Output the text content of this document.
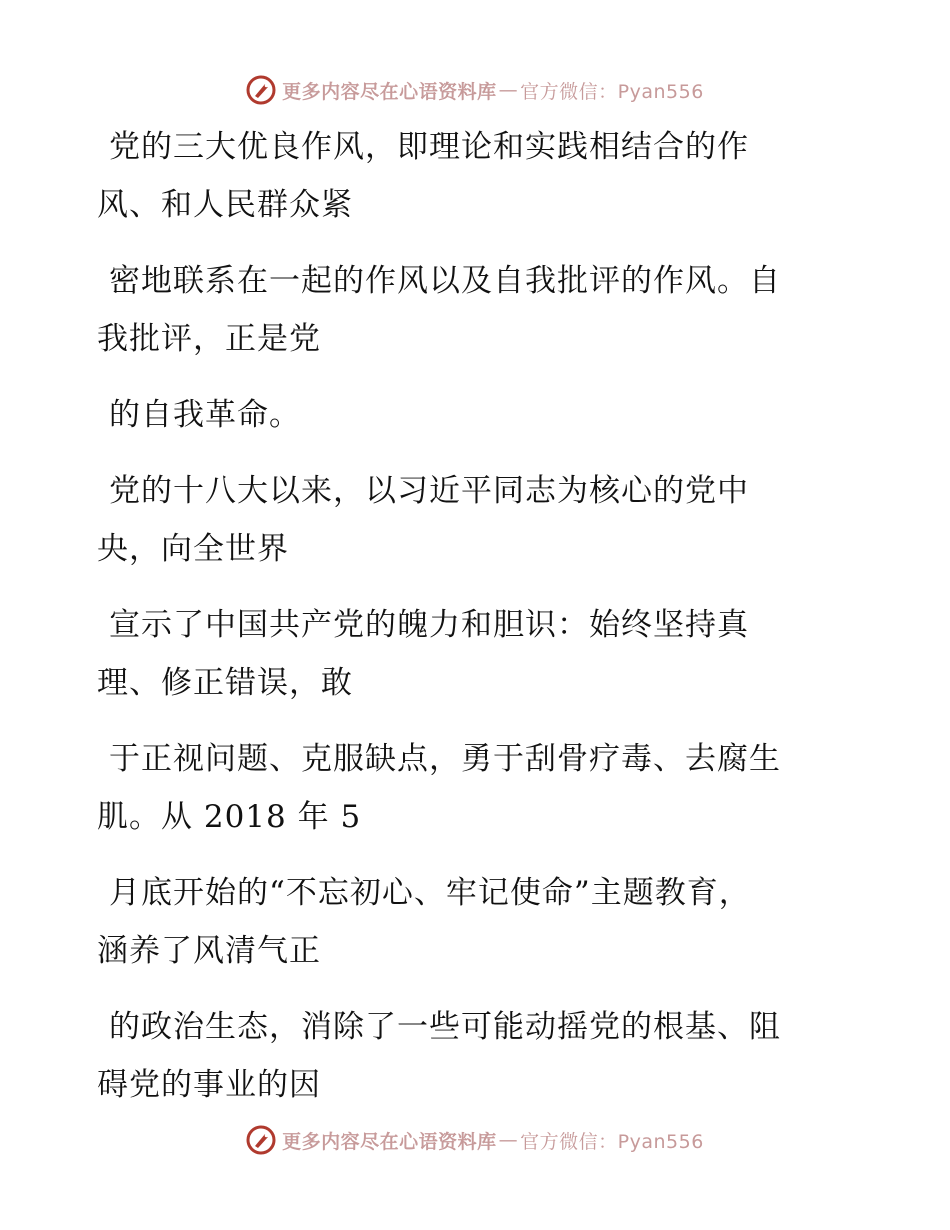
更多内容尽在心语资料库 — 官方微信：Pyan556
党的三大优良作风，即理论和实践相结合的作
风、和人民群众紧
密地联系在一起的作风以及自我批评的作风。自
我批评，正是党
的自我革命。
党的十八大以来，以习近平同志为核心的党中
央，向全世界
宣示了中国共产党的魄力和胆识：始终坚持真
理、修正错误，敢
于正视问题、克服缺点，勇于刮骨疗毒、去腐生
肌。从 2018 年 5
月底开始的“不忘初心、牢记使命”主题教育，
涵养了风清气正
的政治生态，消除了一些可能动摇党的根基、阻
碍党的事业的因
更多内容尽在心语资料库 — 官方微信：Pyan556
